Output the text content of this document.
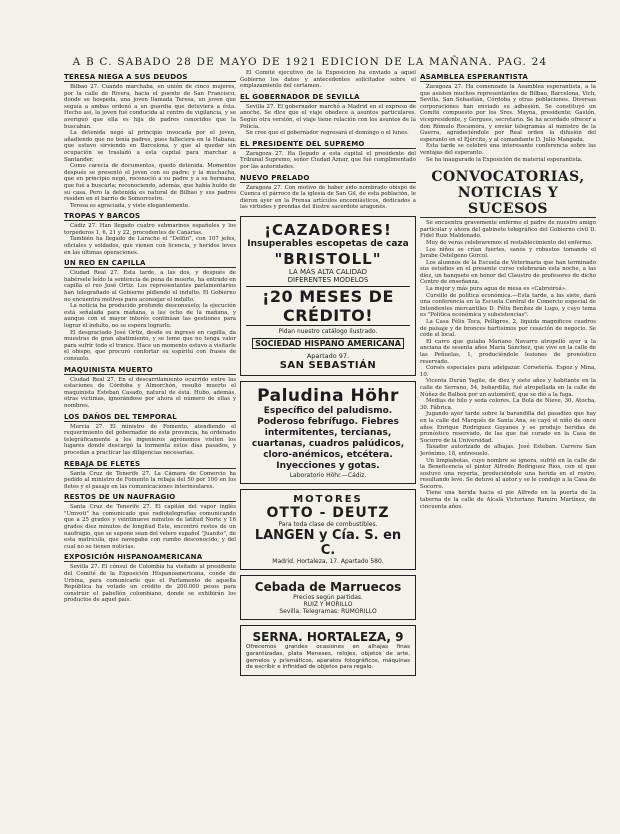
A B C. SABADO 28 DE MAYO DE 1921 EDICION DE LA MAÑANA. PAG. 24
TERESA NIEGA A SUS DEUDOS

Bilbao 27. Cuando marchaba, en unión de cinco mujeres, por la calle de Rivera, hacia el puente de San Francisco, donde se hospeda, una joven llamada Teresa, un joven que seguía a ambas ordenó a un guardia que detuviera a ésta. Hecho así, la joven fué conducida al centro de vigilancia, y se averiguó que ella es hija de padres conocidos que la buscaban.

La detenida negó al principio invocada por el joven, añadiendo que no tenía padres, pues falleciera en la Habana; que estuvo sirviendo en Barcelona, y que al quedar sin ocupación se trasladó a esta capital para marchar a Santander.

Como carecía de documentos, quedó detenida. Momentos después se presentó el joven con su padre; y la muchacha, que en principio negó, reconoció a su padre y a su hermano, que fué a buscarla; reconociendo, además, que había huído de su casa. Pero la detenida es natural de Bilbao y sus padres residen en el barrio de Somorrostro.

Teresa es agraciada, y viste elegantemente.

TROPAS Y BARCOS

Cádiz 27. Han llegado cuatro submarinos españoles y los torpederos 1, 6, 21 y 22, procedentes de Canarias.

También ha llegado de Larache el "Delfín", con 107 jefes, oficiales y soldados, que vienen con licencia, y heridos leves en las últimas operaciones.

UN REO EN CAPILLA

Ciudad Real 27. Esta tarde, a las dos, y después de habérsele leído la sentencia de pena de muerte, ha entrado en capilla el reo José Ortiz. Los representantes parlamentarios han telegrafiado al Gobierno pidiendo el indulto. El Gobierno no encuentra motivos para aconsejar el indulto.

La noticia ha producido profundo desconsuelo; la ejecución está señalada para mañana, a las ocho de la mañana, y aunque con el mayor interés continúan las gestiones para lograr el indulto, no se espera lograrlo.

El desgraciado José Ortiz, desde su ingreso en capilla, da muestras de gran abatimiento, y se teme que no tenga valor para sufrir todo el trance. Hace un momento estuvo a visitarle el obispo, que procuró confortar su espíritu con frases de consuelo.

MAQUINISTA MUERTO

Ciudad Real 27. En el descarrilamiento ocurrido entre las estaciones de Córdoba y Almorchón, resultó muerto el maquinista Esteban Casado, natural de ésta. Hubo, además, otras víctimas, ignorándose por ahora el número de ellas y nombres.

LOS DAÑOS DEL TEMPORAL

Murcia 27. El ministro de Fomento, atendiendo el requerimiento del gobernador de esta provincia, ha ordenado telegráficamente a los ingenieros agrónomos visiten los lugares donde descargó la tormenta estos días pasados, y procedan a practicar las diligencias necesarias.

REBAJA DE FLETES

Santa Cruz de Tenerife 27. La Cámara de Comercio ha pedido al ministro de Fomento la rebaja del 50 por 100 en los fletes y el pasaje en las comunicaciones interinsulares.

RESTOS DE UN NAUFRAGIO

Santa Cruz de Tenerife 27. El capitán del vapor inglés "Umvoti" ha comunicado que radiotelegrafías comunicando que a 25 grados y veintinueve minutos de latitud Norte y 16 grados diez minutos de longitud Este, encontró restos de un naufragio, que se supone sean del velero español "Juanito", de esta matrícula, que navegaba con rumbo desconocido, y del cual no se tienen noticias.

EXPOSICIÓN HISPANOAMERICANA

Sevilla 27. El cónsul de Colombia ha visitado al presidente del Comité de la Exposición Hispanoamericana, conde de Urbina, para comunicarle que el Parlamento de aquella República ha votado un crédito de 200.000 pesos para construir el pabellón colombiano, donde se exhibirán los productos de aquel país.

El Comité ejecutivo de la Exposición ha enviado a aquel Gobierno los datos y antecedentes solicitados sobre el emplazamiento del certamen.

EL GOBERNADOR DE SEVILLA

Sevilla 27. El gobernador marchó a Madrid en el expreso de anoche. Se dice que el viaje obedece a asuntos particulares. Según otra versión, el viaje tiene relación con los asuntos de la Policía.

Se cree que el gobernador regresará el domingo o el lunes.

EL PRESIDENTE DEL SUPREMO

Zaragoza 27. Ha llegado a esta capital el presidente del Tribunal Supremo, señor Ciudad Aznar, que fué cumplimentado por las autoridades.

NUEVO PRELADO

Zaragoza 27. Con motivo de haber sido nombrado obispo de Cuenca el párroco de la iglesia de San Gil, de esta población, le dieron ayer en la Prensa artículos encomiásticos, dedicados a las virtudes y prendas del ilustre sacerdote aragonés.

¡CAZADORES!
Insuperables escopetas de caza
"BRISTOLL"
LA MÁS ALTA CALIDAD
DIFERENTES MODELOS
¡20 MESES DE CRÉDITO!
Pidan nuestro catálogo ilustrado.
SOCIEDAD HISPANO AMERICANA
Apartado 97.
SAN SEBASTIÁN
Paludina Höhr
Específico del paludismo. Poderoso febrífugo. Fiebres intermitentes, tercianas, cuartanas, cuadros palúdicos, cloro-anémicos, etcétera. Inyecciones y gotas.
Laboratorio Höhr.—Cádiz.
MOTORES
OTTO - DEUTZ
Para toda clase de combustibles.
LANGEN y Cía. S. en C.
Madrid. Hortaleza, 17. Apartado 580.
Cebada de Marruecos
Precios según partidas.
RUIZ Y MORILLO
Sevilla. Telegramas: RUMORILLO
SERNA. HORTALEZA, 9
Ofrecemos grandes ocasiones en alhajas finas garantizadas, plata Meneses, relojes, objetos de arte, gemelos y prismáticos, aparatos fotográficos, máquinas de escribir e infinidad de objetos para regalo.
ASAMBLEA ESPERANTISTA

Zaragoza 27. Ha comenzado la Asamblea esperantista, a la que asisten muchos representantes de Bilbao, Barcelona, Vich, Sevilla, San Sebastián, Córdoba y otras poblaciones. Diversas corporaciones han enviado su adhesión. Se constituyó un Comité compuesto por los Sres. Mayna, presidente; Gastón, vicepresidente, y Gorgues, secretario. Se ha acordado ofrecer a don Rómulo Rocamora, y enviar telegramas al ministro de la Guerra, agradeciéndole por Real orden la difusión del esperanto en el Ejército, y al comandante D. Julio Mangada.

Esta tarde se celebró una interesante conferencia sobre las ventajas del esperanto.

Se ha inaugurado la Exposición de material esperantista.

CONVOCATORIAS, NOTICIAS Y SUCESOS

Se encuentra gravemente enfermo el padre de nuestro amigo particular y ahora del gabinete telegráfico del Gobierno civil D. Fidel Ruiz Maldonado.

Muy de veras celebraremos el restablecimiento del enfermo.

Los niños se crían fuertes, sanos y robustos tomando el Jarabe Ostelgeno Gorcol.

Los alumnos de la Escuela de Veterinaria que han terminado sus estudios en el presente curso celebrarán esta noche, a las diez, un banquete en honor del Claustro de profesores de dicho Centro de enseñanza.

La mejor y más pura agua de mesa es «Cabreiroá».

Cursillo de política económica.—Esta tarde, a las siete, dará una conferencia en la Escuela Central de Comercio especial de Intendentes mercantiles D. Félix Benítez de Lugo, y cuyo tema es "Política económica y subsistencias".

La Casa Félix Toca, Pelligros, 2, liquida magníficos cuadros de paisaje y de bronces hartisimos por cesación de negocio. Se cede el local.

El carro que guiaba Mariano Navarro atropelló ayer a la anciana de sesenta años María Sánchez, que vive en la calle de las Peñuelas, 1, produciéndole lesiones de pronóstico reservado.

Corsés especiales para adelgazar. Corsetería. Espoz y Mina, 10.

Vicenta Durán Yagüe, de diez y siete años y habitante en la calle de Serrano, 54, bohardilla, fué atropellada en la calle de Núñez de Balboa por un automóvil, que se dió a la fuga.

Medias de hilo y seda colores. La Bola de Nieve, 30, Atocha, 30. Fábrica.

Jugando ayer tarde sobre la barandilla del pasadizo que hay en la calle del Marqués de Santa Ana, se cayó el niño de once años Enrique Rodríguez Goyanes y se produjo heridas de pronóstico reservado, de las que fué curado en la Casa de Socorro de la Universidad.

Tasador autorizado de alhajas. José Esteban. Carrera San Jerónimo, 18, entresuelo.

Un limpiabotas, cuyo nombre se ignora, sufrió en la calle de la Beneficencia el pintor Alfredo Rodríguez Ríos, con el que sostuvo una reyerta, produciéndole una herida en el rostro, resultando leve. Se detuvo al autor y se le condujo a la Casa de Socorro.

Tiene una herida hacia el pie Alfredo en la puerta de la taberna de la calle de Alcalá Victoriano Ramiro Martínez, de cincuenta años.
